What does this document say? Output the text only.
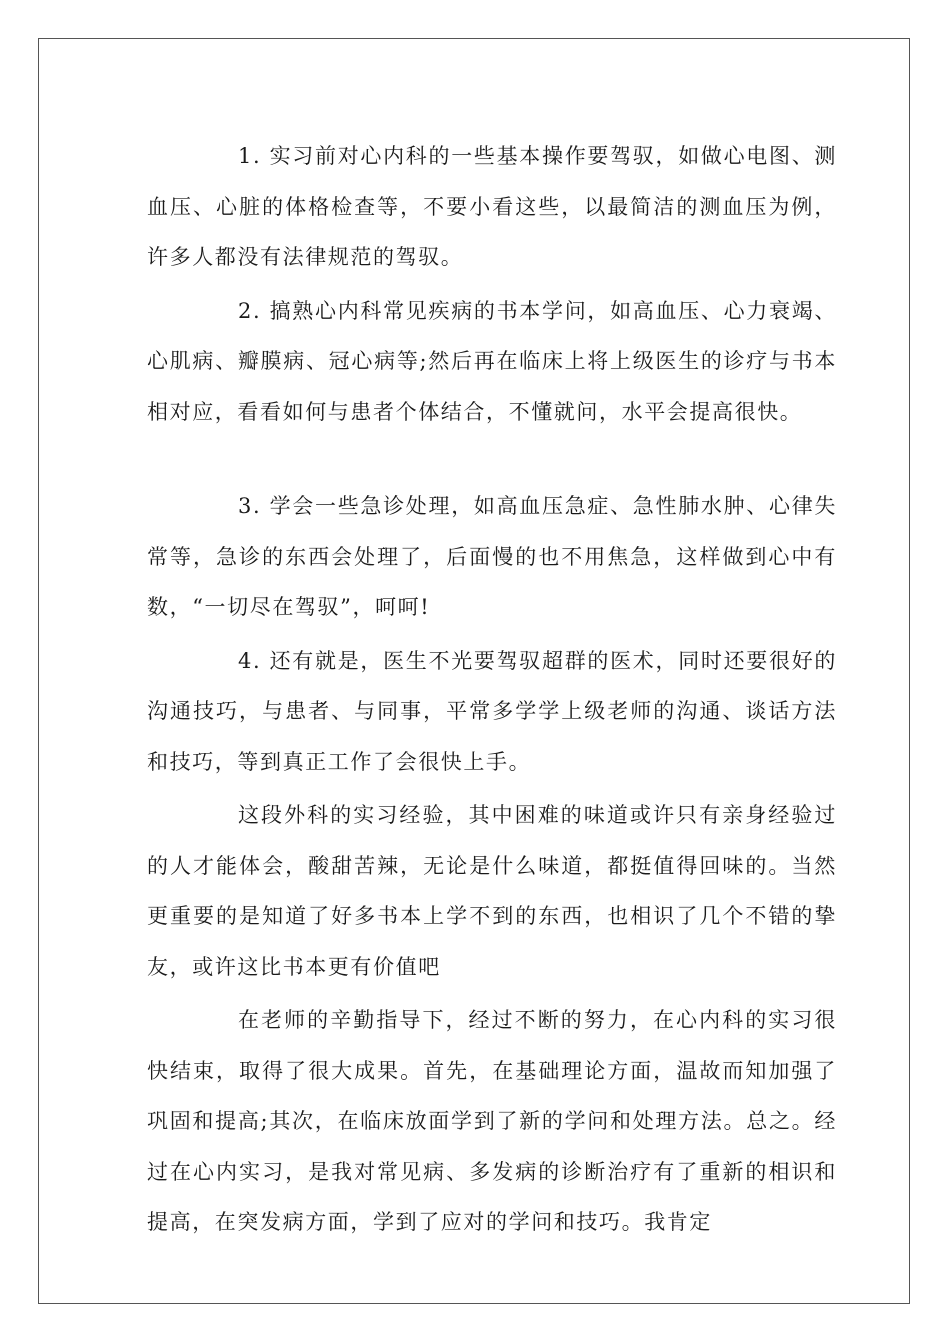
1. 实习前对心内科的一些基本操作要驾驭，如做心电图、测血压、心脏的体格检查等，不要小看这些，以最简洁的测血压为例，许多人都没有法律规范的驾驭。

2. 搞熟心内科常见疾病的书本学问，如高血压、心力衰竭、心肌病、瓣膜病、冠心病等;然后再在临床上将上级医生的诊疗与书本相对应，看看如何与患者个体结合，不懂就问，水平会提高很快。

3. 学会一些急诊处理，如高血压急症、急性肺水肿、心律失常等，急诊的东西会处理了，后面慢的也不用焦急，这样做到心中有数，“一切尽在驾驭”，呵呵!

4. 还有就是，医生不光要驾驭超群的医术，同时还要很好的沟通技巧，与患者、与同事，平常多学学上级老师的沟通、谈话方法和技巧，等到真正工作了会很快上手。

这段外科的实习经验，其中困难的味道或许只有亲身经验过的人才能体会，酸甜苦辣，无论是什么味道，都挺值得回味的。当然更重要的是知道了好多书本上学不到的东西，也相识了几个不错的挚友，或许这比书本更有价值吧

在老师的辛勤指导下，经过不断的努力，在心内科的实习很快结束，取得了很大成果。首先，在基础理论方面，温故而知加强了巩固和提高;其次，在临床放面学到了新的学问和处理方法。总之。经过在心内实习，是我对常见病、多发病的诊断治疗有了重新的相识和提高，在突发病方面，学到了应对的学问和技巧。我肯定
